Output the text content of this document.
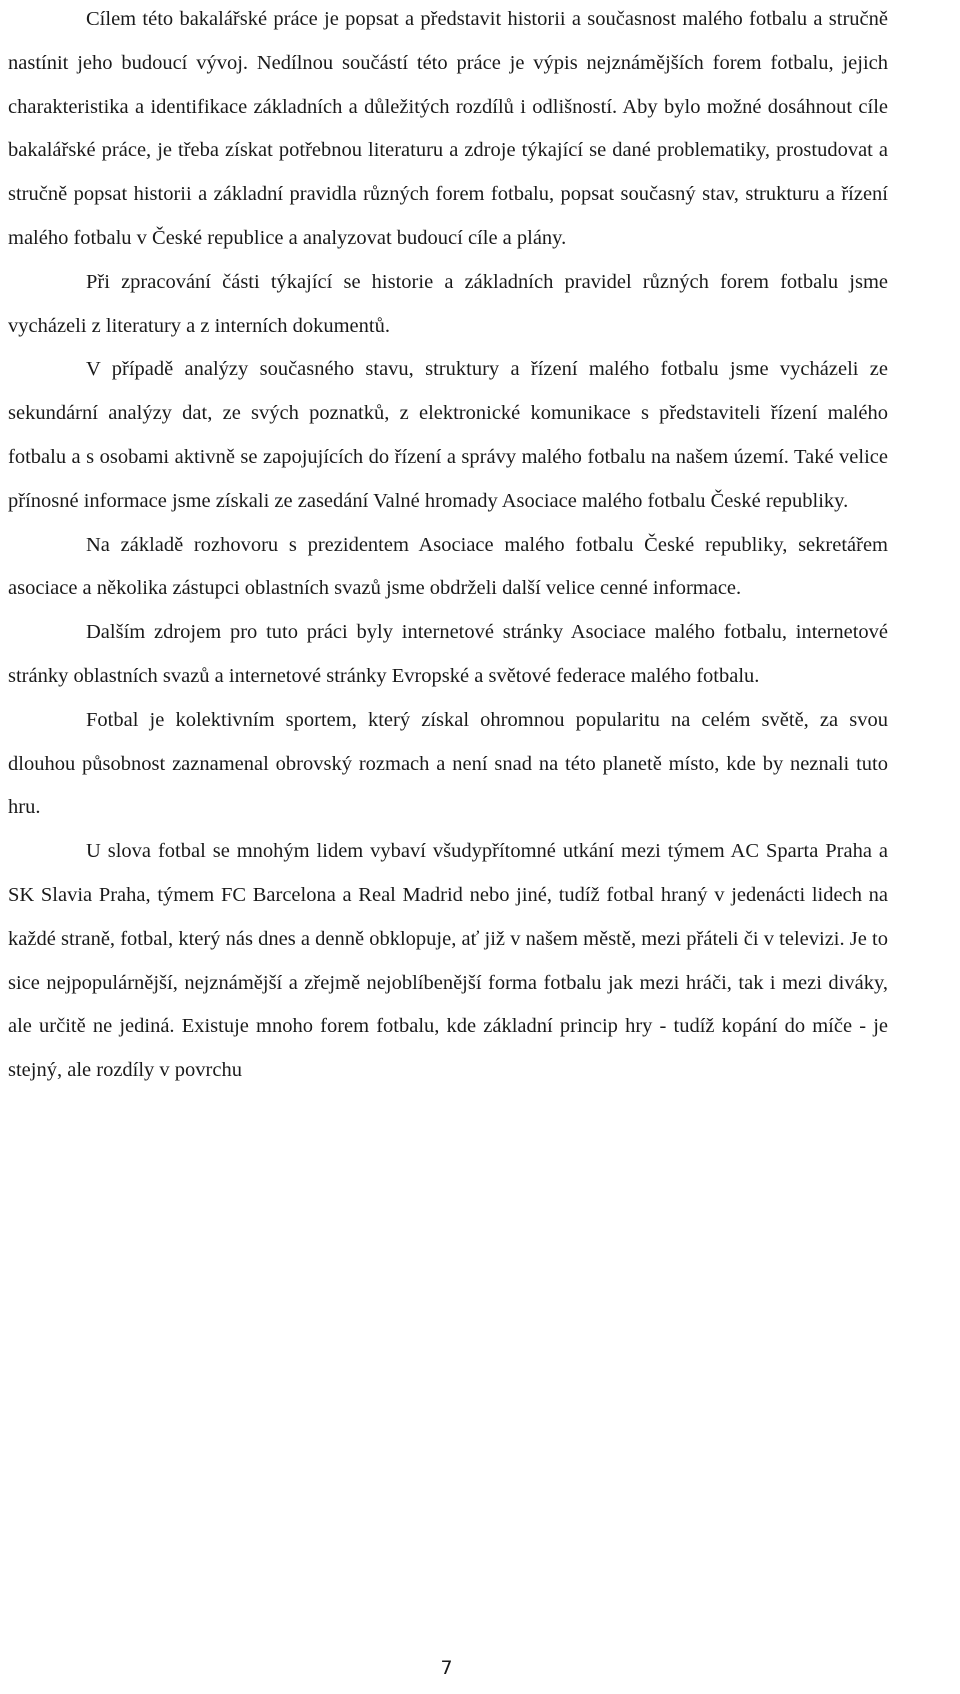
Cílem této bakalářské práce je popsat a představit historii a současnost malého fotbalu a stručně nastínit jeho budoucí vývoj. Nedílnou součástí této práce je výpis nejznámějších forem fotbalu, jejich charakteristika a identifikace základních a důležitých rozdílů i odlišností. Aby bylo možné dosáhnout cíle bakalářské práce, je třeba získat potřebnou literaturu a zdroje týkající se dané problematiky, prostudovat a stručně popsat historii a základní pravidla různých forem fotbalu, popsat současný stav, strukturu a řízení malého fotbalu v České republice a analyzovat budoucí cíle a plány.

Při zpracování části týkající se historie a základních pravidel různých forem fotbalu jsme vycházeli z literatury a z interních dokumentů.

V případě analýzy současného stavu, struktury a řízení malého fotbalu jsme vycházeli ze sekundární analýzy dat, ze svých poznatků, z elektronické komunikace s představiteli řízení malého fotbalu a s osobami aktivně se zapojujících do řízení a správy malého fotbalu na našem území. Také velice přínosné informace jsme získali ze zasedání Valné hromady Asociace malého fotbalu České republiky.

Na základě rozhovoru s prezidentem Asociace malého fotbalu České republiky, sekretářem asociace a několika zástupci oblastních svazů jsme obdrželi další velice cenné informace.

Dalším zdrojem pro tuto práci byly internetové stránky Asociace malého fotbalu, internetové stránky oblastních svazů a internetové stránky Evropské a světové federace malého fotbalu.

Fotbal je kolektivním sportem, který získal ohromnou popularitu na celém světě, za svou dlouhou působnost zaznamenal obrovský rozmach a není snad na této planetě místo, kde by neznali tuto hru.

U slova fotbal se mnohým lidem vybaví všudypřítomné utkání mezi týmem AC Sparta Praha a SK Slavia Praha, týmem FC Barcelona a Real Madrid nebo jiné, tudíž fotbal hraný v jedenácti lidech na každé straně, fotbal, který nás dnes a denně obklopuje, ať již v našem městě, mezi přáteli či v televizi. Je to sice nejpopulárnější, nejznámější a zřejmě nejoblíbenější forma fotbalu jak mezi hráči, tak i mezi diváky, ale určitě ne jediná. Existuje mnoho forem fotbalu, kde základní princip hry - tudíž kopání do míče - je stejný, ale rozdíly v povrchu

7
